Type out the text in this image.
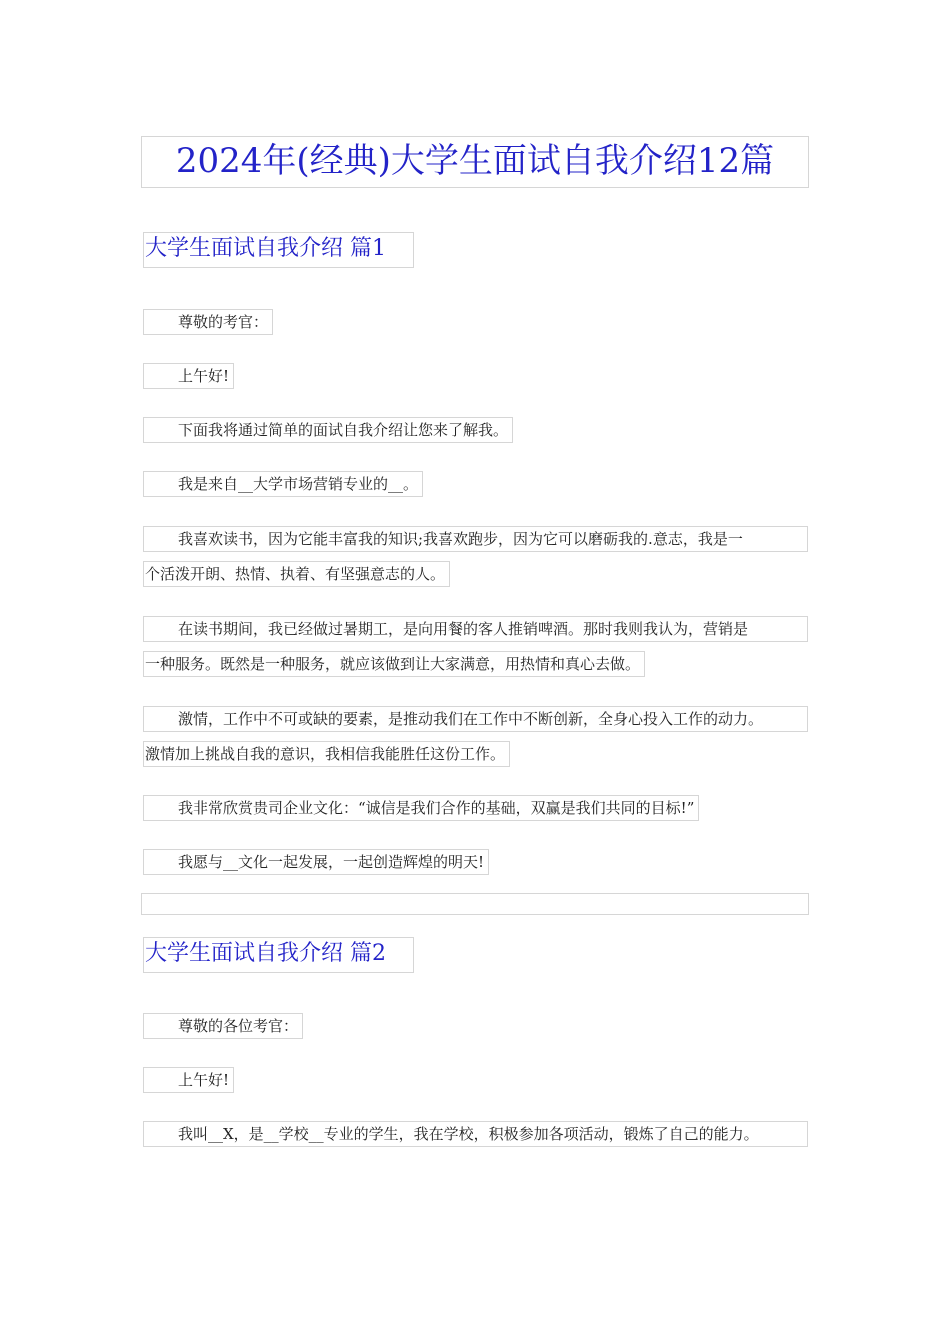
2024年(经典)大学生面试自我介绍12篇
大学生面试自我介绍 篇1
尊敬的考官：
上午好!
下面我将通过简单的面试自我介绍让您来了解我。
我是来自__大学市场营销专业的__。
我喜欢读书，因为它能丰富我的知识;我喜欢跑步，因为它可以磨砺我的.意志，我是一
个活泼开朗、热情、执着、有坚强意志的人。
在读书期间，我已经做过暑期工，是向用餐的客人推销啤酒。那时我则我认为，营销是
一种服务。既然是一种服务，就应该做到让大家满意，用热情和真心去做。
激情，工作中不可或缺的要素，是推动我们在工作中不断创新，全身心投入工作的动力。
激情加上挑战自我的意识，我相信我能胜任这份工作。
我非常欣赏贵司企业文化：“诚信是我们合作的基础，双赢是我们共同的目标!”
我愿与__文化一起发展，一起创造辉煌的明天!
大学生面试自我介绍 篇2
尊敬的各位考官：
上午好!
我叫__X，是__学校__专业的学生，我在学校，积极参加各项活动，锻炼了自己的能力。
